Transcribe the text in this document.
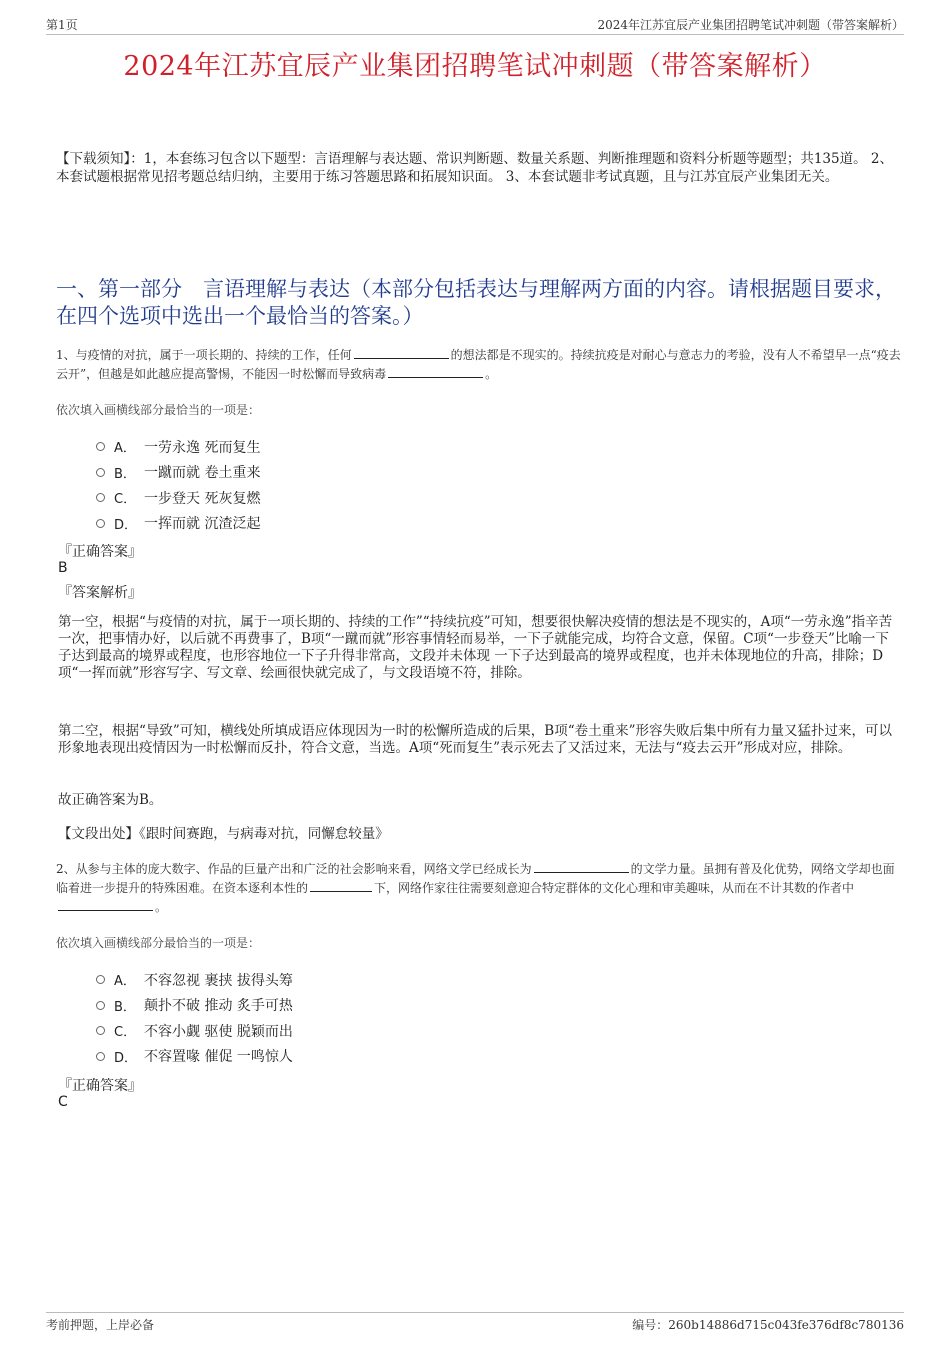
第1页	2024年江苏宜辰产业集团招聘笔试冲刺题（带答案解析）
2024年江苏宜辰产业集团招聘笔试冲刺题（带答案解析）
【下载须知】：1，本套练习包含以下题型：言语理解与表达题、常识判断题、数量关系题、判断推理题和资料分析题等题型；共135道。 2、本套试题根据常见招考题总结归纳，主要用于练习答题思路和拓展知识面。 3、本套试题非考试真题，且与江苏宜辰产业集团无关。
一、第一部分　言语理解与表达（本部分包括表达与理解两方面的内容。请根据题目要求，在四个选项中选出一个最恰当的答案。）
1、与疫情的对抗，属于一项长期的、持续的工作，任何	的想法都是不现实的。持续抗疫是对耐心与意志力的考验，没有人不希望早一点“疫去云开”，但越是如此越应提高警惕，不能因一时松懈而导致病毒	。
依次填入画横线部分最恰当的一项是：
A． 一劳永逸 死而复生
B． 一蹴而就 卷土重来
C． 一步登天 死灰复燃
D． 一挥而就 沉渣泛起
『正确答案』
B
『答案解析』
第一空，根据“与疫情的对抗，属于一项长期的、持续的工作”“持续抗疫”可知，想要很快解决疫情的想法是不现实的，A项“一劳永逸”指辛苦一次，把事情办好，以后就不再费事了，B项“一蹴而就”形容事情轻而易举，一下子就能完成，均符合文意，保留。C项“一步登天”比喻一下子达到最高的境界或程度，也形容地位一下子升得非常高，文段并未体现 一下子达到最高的境界或程度，也并未体现地位的升高，排除；D项“一挥而就”形容写字、写文章、绘画很快就完成了，与文段语境不符，排除。
第二空，根据“导致”可知，横线处所填成语应体现因为一时的松懈所造成的后果，B项“卷土重来”形容失败后集中所有力量又猛扑过来，可以形象地表现出疫情因为一时松懈而反扑，符合文意，当选。A项“死而复生”表示死去了又活过来，无法与“疫去云开”形成对应，排除。
故正确答案为B。
【文段出处】《跟时间赛跑，与病毒对抗，同懈怠较量》
2、从参与主体的庞大数字、作品的巨量产出和广泛的社会影响来看，网络文学已经成长为	的文学力量。虽拥有普及化优势，网络文学却也面临着进一步提升的特殊困难。在资本逐利本性的	下，网络作家往往需要刻意迎合特定群体的文化心理和审美趣味，从而在不计其数的作者中。
依次填入画横线部分最恰当的一项是：
A． 不容忽视 裹挟 拔得头筹
B． 颠扑不破 推动 炙手可热
C． 不容小觑 驱使 脱颖而出
D． 不容置喙 催促 一鸣惊人
『正确答案』
C
考前押题，上岸必备	编号：260b14886d715c043fe376df8c780136
